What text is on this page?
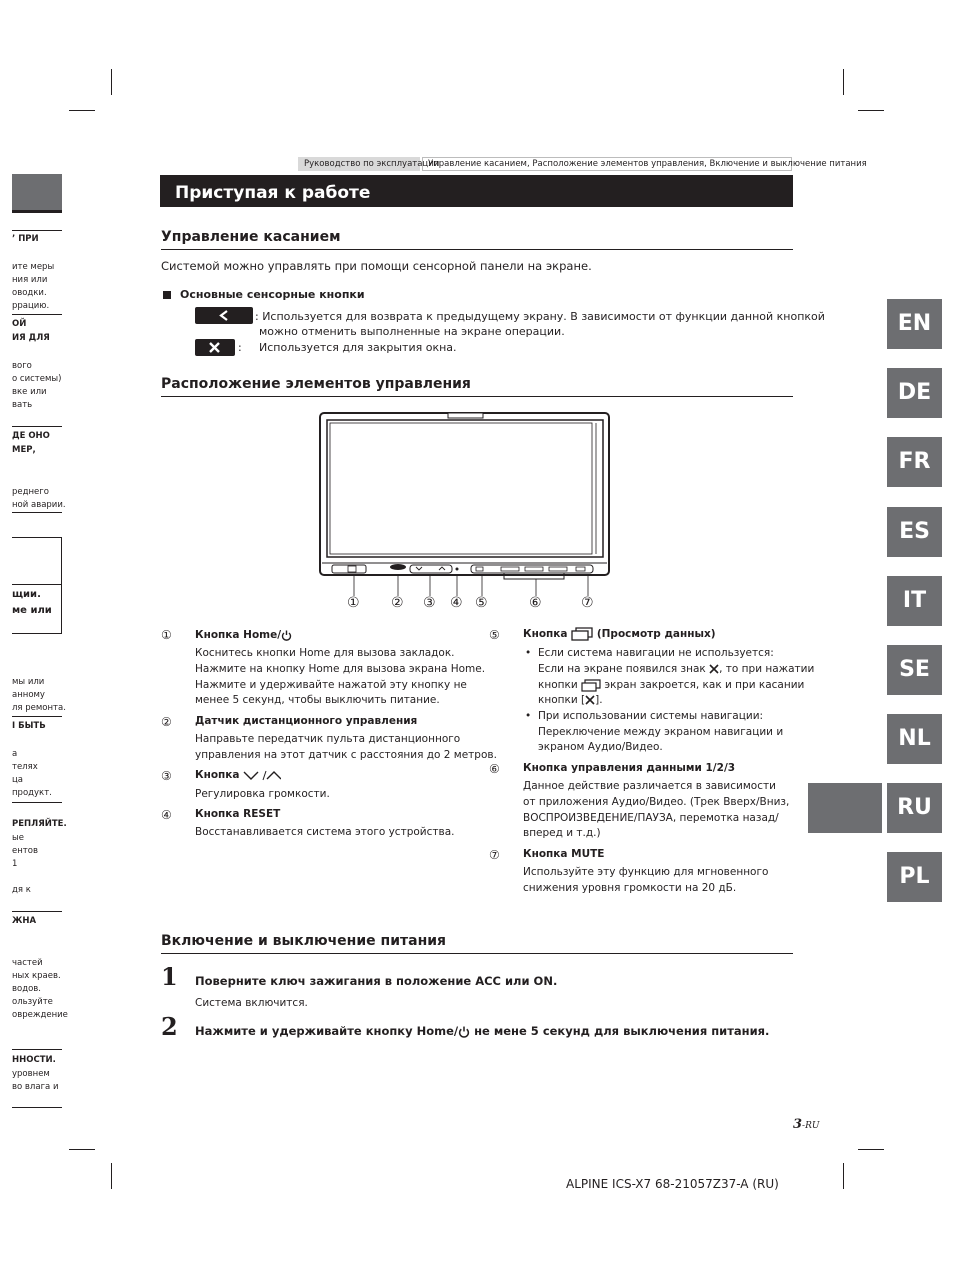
’ ПРИ
ите меры
ния или
оводки.
ррацию.
ОЙ
ИЯ ДЛЯ
вого
о системы)
вке или
вать
ДЕ ОНО
МЕР,
реднего
ной аварии.
щии.
ме или
мы или
анному
ля ремонта.
I БЫТЬ
а
телях
ца
продукт.
РЕПЛЯЙТЕ.
ые
ентов
1
дя к
ЖНА
частей
ных краев.
водов.
ользуйте
овреждение
ННОСТИ.
уровнем
во влага и
Руководство по эксплуатации
Управление касанием, Расположение элементов управления, Включение и выключение питания
Приступая к работе
Управление касанием
Системой можно управлять при помощи сенсорной панели на экране.
Основные сенсорные кнопки
: Используется для возврата к предыдущему экрану. В зависимости от функции данной кнопкой
можно отменить выполненные на экране операции.
: Используется для закрытия окна.
Расположение элементов управления
① ② ③ ④ ⑤	⑥	⑦
① Кнопка Home/
Коснитесь кнопки Home для вызова закладок.
Нажмите на кнопку Home для вызова экрана Home.
Нажмите и удерживайте нажатой эту кнопку не
менее 5 секунд, чтобы выключить питание.
② Датчик дистанционного управления
Направьте передатчик пульта дистанционного
управления на этот датчик с расстояния до 2 метров.
③ Кнопка
Регулировка громкости.
④ Кнопка RESET
Восстанавливается система этого устройства.
⑤ Кнопка	(Просмотр данных)
• Если система навигации не используется:
Если на экране появился знак , то при нажатии
кнопки	экран закроется, как и при касании
кнопки [ ].
• При использовании системы навигации:
Переключение между экраном навигации и
экраном Аудио/Видео.
⑥ Кнопка управления данными 1/2/3
Данное действие различается в зависимости
от приложения Аудио/Видео. (Трек Вверх/Вниз,
ВОСПРОИЗВЕДЕНИЕ/ПАУЗА, перемотка назад/
вперед и т.д.)
⑦ Кнопка MUTE
Используйте эту функцию для мгновенного
снижения уровня громкости на 20 дБ.
Включение и выключение питания
1 Поверните ключ зажигания в положение ACC или ON.
Система включится.
2 Нажмите и удерживайте кнопку Home/ не мене 5 секунд для выключения питания.
EN
DE
FR
ES
IT
SE
NL
RU
PL
3-RU
ALPINE ICS-X7 68-21057Z37-A (RU)
